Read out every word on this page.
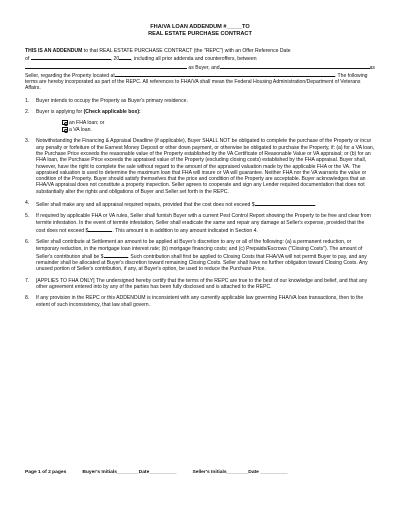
FHA/VA LOAN ADDENDUM #_____TO
REAL ESTATE PURCHASE CONTRACT
THIS IS AN ADDENDUM to that REAL ESTATE PURCHASE CONTRACT (the "REPC") with an Offer Reference Date
of	, 20 , including all prior addenda and counteroffers, between
as Buyer, and	as
Seller, regarding the Property located at	. The following terms are hereby incorporated as part of the REPC. All references to FHA/VA shall mean the Federal Housing Administration/Department of Veterans Affairs.
1.	Buyer intends to occupy the Property as Buyer's primary residence.
2.	Buyer is applying for (Check applicable box):
an FHA loan; or
a VA loan.
3.	Notwithstanding the Financing & Appraisal Deadline (if applicable), Buyer SHALL NOT be obligated to complete the purchase of the Property or incur any penalty or forfeiture of the Earnest Money Deposit or other down payment, or otherwise be obligated to purchase the Property, if: (a) for a VA loan, the Purchase Price exceeds the reasonable value of the Property established by the VA Certificate of Reasonable Value or VA appraisal; or (b) for an FHA loan, the Purchase Price exceeds the appraised value of the Property (excluding closing costs) established by the FHA appraisal. Buyer shall, however, have the right to complete the sale without regard to the amount of the appraised valuation made by the applicable FHA or the VA. The appraised valuation is used to determine the maximum loan that FHA will insure or VA will guarantee. Neither FHA nor the VA warrants the value or condition of the Property. Buyer should satisfy themselves that the price and condition of the Property are acceptable. Buyer acknowledges that an FHA/VA appraisal does not constitute a property inspection. Seller agrees to cooperate and sign any Lender required documentation that does not substantially alter the rights and obligations of Buyer and Seller set forth in the REPC.
4.	Seller shall make any and all appraisal required repairs, provided that the cost does not exceed $	.
5.	If required by applicable FHA or VA rules, Seller shall furnish Buyer with a current Pest Control Report showing the Property to be free and clear from termite infestation. In the event of termite infestation, Seller shall eradicate the same and repair any damage at Seller's expense, provided that the cost does not exceed $	. This amount is in addition to any amount indicated in Section 4.
6.	Seller shall contribute at Settlement an amount to be applied at Buyer's discretion to any or all of the following: (a) a permanent reduction, or temporary reduction, in the mortgage loan interest rate; (b) mortgage financing costs; and (c) Prepaids/Escrows ("Closing Costs"). The amount of Seller's contribution shall be $	. Such contribution shall first be applied to Closing Costs that FHA/VA will not permit Buyer to pay, and any remainder shall be allocated at Buyer's discretion toward remaining Closing Costs. Seller shall have no further obligation toward Closing Costs. Any unused portion of Seller's contribution, if any, at Buyer's option, be used to reduce the Purchase Price.
7.	[APPLIES TO FHA ONLY] The undersigned hereby certify that the terms of the REPC are true to the best of our knowledge and belief, and that any other agreement entered into by any of the parties has been fully disclosed and is attached to the REPC.
8.	If any provision in the REPC or this ADDENDUM is inconsistent with any currently applicable law governing FHA/VA loan transactions, then to the extent of such inconsistency, that law shall govern.
Page 1 of 2 pages	Buyer's Initials________Date__________	Seller's Initials________Date __________
